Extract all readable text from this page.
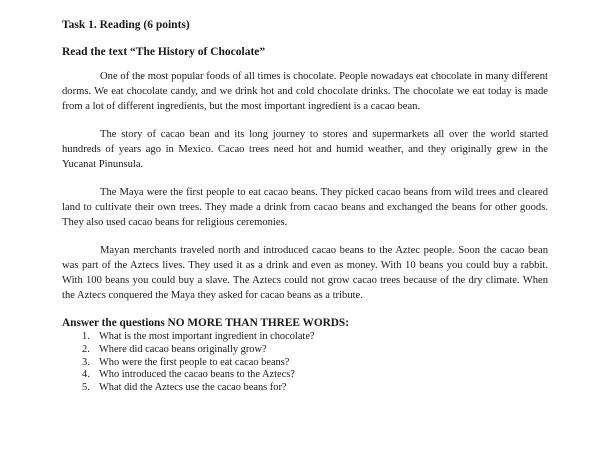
Task 1. Reading (6 points)
Read the text “The History of Chocolate”

One of the most popular foods of all times is chocolate. People nowadays eat chocolate in many different dorms. We eat chocolate candy, and we drink hot and cold chocolate drinks. The chocolate we eat today is made from a lot of different ingredients, but the most important ingredient is a cacao bean.

The story of cacao bean and its long journey to stores and supermarkets all over the world started hundreds of years ago in Mexico. Cacao trees need hot and humid weather, and they originally grew in the Yucanat Pinunsula.

The Maya were the first people to eat cacao beans. They picked cacao beans from wild trees and cleared land to cultivate their own trees. They made a drink from cacao beans and exchanged the beans for other goods. They also used cacao beans for religious ceremonies.

Mayan merchants traveled north and introduced cacao beans to the Aztec people. Soon the cacao bean was part of the Aztecs lives. They used it as a drink and even as money. With 10 beans you could buy a rabbit. With 100 beans you could buy a slave. The Aztecs could not grow cacao trees because of the dry climate. When the Aztecs conquered the Maya they asked for cacao beans as a tribute.

Answer the questions NO MORE THAN THREE WORDS:
1. What is the most important ingredient in chocolate?
2. Where did cacao beans originally grow?
3. Who were the first people to eat cacao beans?
4. Who introduced the cacao beans to the Aztecs?
5. What did the Aztecs use the cacao beans for?
